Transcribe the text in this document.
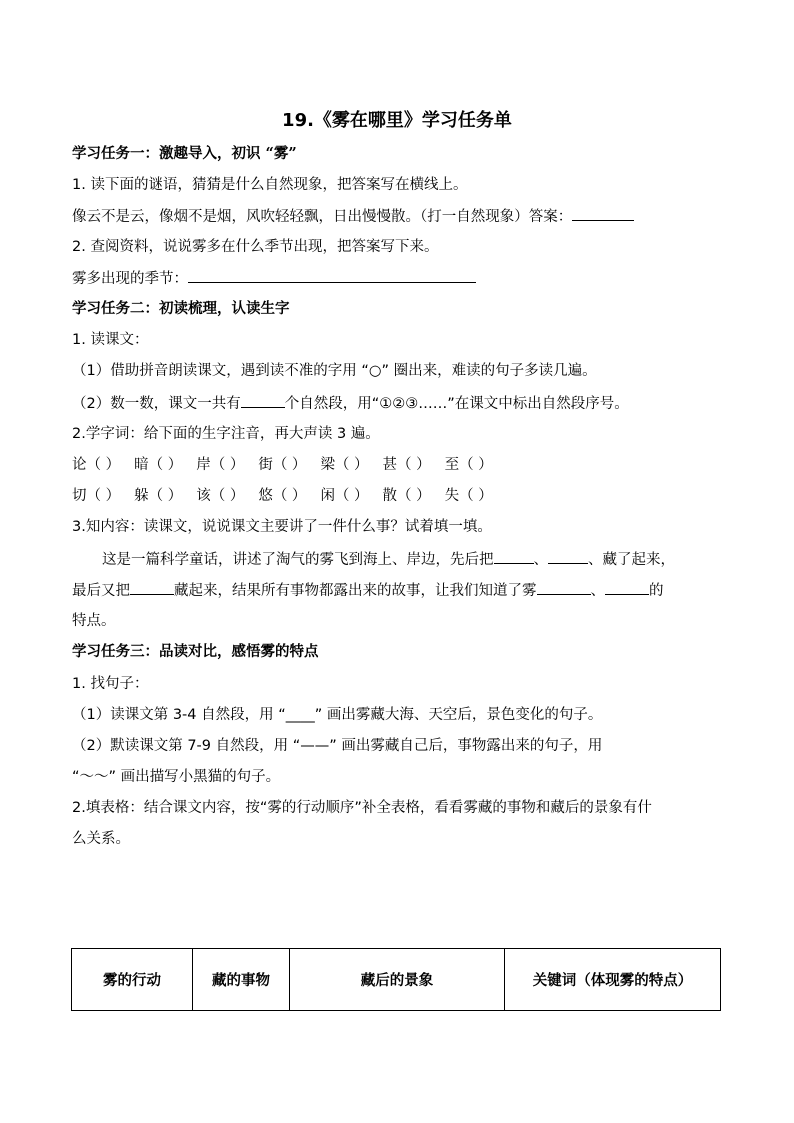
19.《雾在哪里》学习任务单
学习任务一：激趣导入，初识 “雾”
1. 读下面的谜语，猜猜是什么自然现象，把答案写在横线上。
像云不是云，像烟不是烟，风吹轻轻飘，日出慢慢散。（打一自然现象）答案：
2. 查阅资料，说说雾多在什么季节出现，把答案写下来。
雾多出现的季节：
学习任务二：初读梳理，认读生字
1. 读课文：
（1）借助拼音朗读课文，遇到读不准的字用 “○” 圈出来，难读的句子多读几遍。
（2）数一数，课文一共有	个自然段，用“①②③……”在课文中标出自然段序号。
2.学字词：给下面的生字注音，再大声读 3 遍。
论（ ） 暗（ ） 岸（ ） 街（ ） 梁（ ） 甚（ ） 至（ ）
切（ ） 躲（ ） 该（ ） 悠（ ） 闲（ ） 散（ ） 失（ ）
3.知内容：读课文，说说课文主要讲了一件什么事？试着填一填。
这是一篇科学童话，讲述了淘气的雾飞到海上、岸边，先后把	、	、藏了起来，
最后又把	藏起来，结果所有事物都露出来的故事，让我们知道了雾	、	的
特点。
学习任务三：品读对比，感悟雾的特点
1. 找句子：
（1）读课文第 3-4 自然段，用 “____” 画出雾藏大海、天空后，景色变化的句子。
（2）默读课文第 7-9 自然段，用 “——” 画出雾藏自己后，事物露出来的句子，用
“～～” 画出描写小黑猫的句子。
2.填表格：结合课文内容，按“雾的行动顺序”补全表格，看看雾藏的事物和藏后的景象有什
么关系。
雾的行动	藏的事物	藏后的景象	关键词（体现雾的特点）
